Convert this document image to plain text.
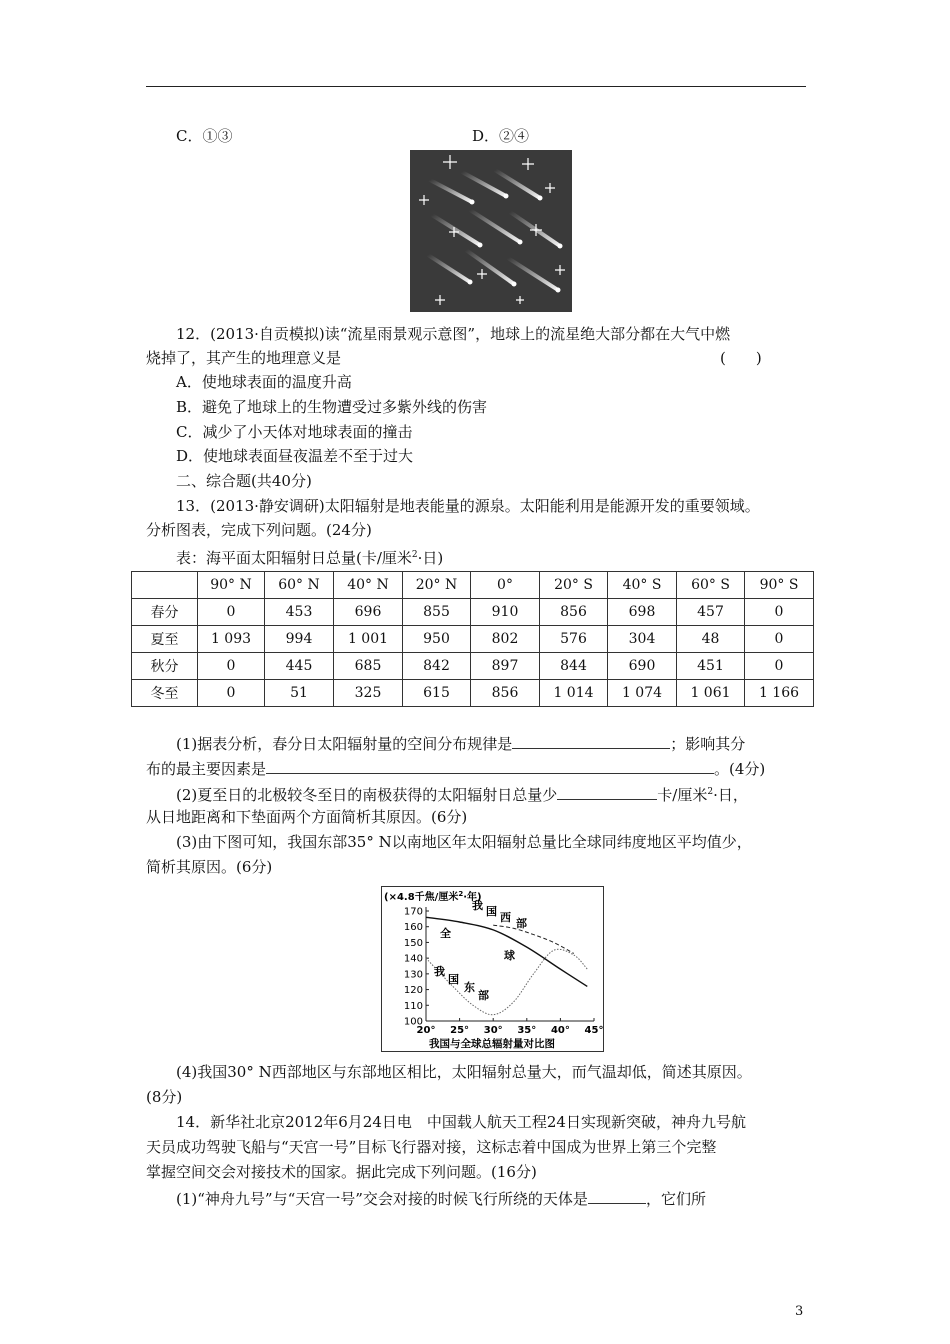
C．①③	D．②④
12．(2013·自贡模拟)读“流星雨景观示意图”，地球上的流星绝大部分都在大气中燃
烧掉了，其产生的地理意义是	(　　)
A．使地球表面的温度升高
B．避免了地球上的生物遭受过多紫外线的伤害
C．减少了小天体对地球表面的撞击
D．使地球表面昼夜温差不至于过大
二、综合题(共40分)
13．(2013·静安调研)太阳辐射是地表能量的源泉。太阳能利用是能源开发的重要领域。
分析图表，完成下列问题。(24分)
表：海平面太阳辐射日总量(卡/厘米$^2$·日)
	90° N	60° N	40° N	20° N	0°	20° S	40° S	60° S	90° S
春分	0	453	696	855	910	856	698	457	0
夏至	1 093	994	1 001	950	802	576	304	48	0
秋分	0	445	685	842	897	844	690	451	0
冬至	0	51	325	615	856	1 014	1 074	1 061	1 166
(1)据表分析，春分日太阳辐射量的空间分布规律是	；影响其分
布的最主要因素是	。(4分)
(2)夏至日的北极较冬至日的南极获得的太阳辐射日总量少	卡/厘米$^2$·日，
从日地距离和下垫面两个方面简析其原因。(6分)
(3)由下图可知，我国东部35° N以南地区年太阳辐射总量比全球同纬度地区平均值少，
简析其原因。(6分)
(×4.8千焦/厘米$^2$·年)
170
160
150
140
130
120
110
100
20° 25° 30° 35° 40° 45°
我 国 西 部
全
球
我
国
东
部
我国与全球总辐射量对比图
(4)我国30° N西部地区与东部地区相比，太阳辐射总量大，而气温却低，简述其原因。
(8分)
14．新华社北京2012年6月24日电　中国载人航天工程24日实现新突破，神舟九号航
天员成功驾驶飞船与“天宫一号”目标飞行器对接，这标志着中国成为世界上第三个完整
掌握空间交会对接技术的国家。据此完成下列问题。(16分)
(1)“神舟九号”与“天宫一号”交会对接的时候飞行所绕的天体是	，它们所
3
